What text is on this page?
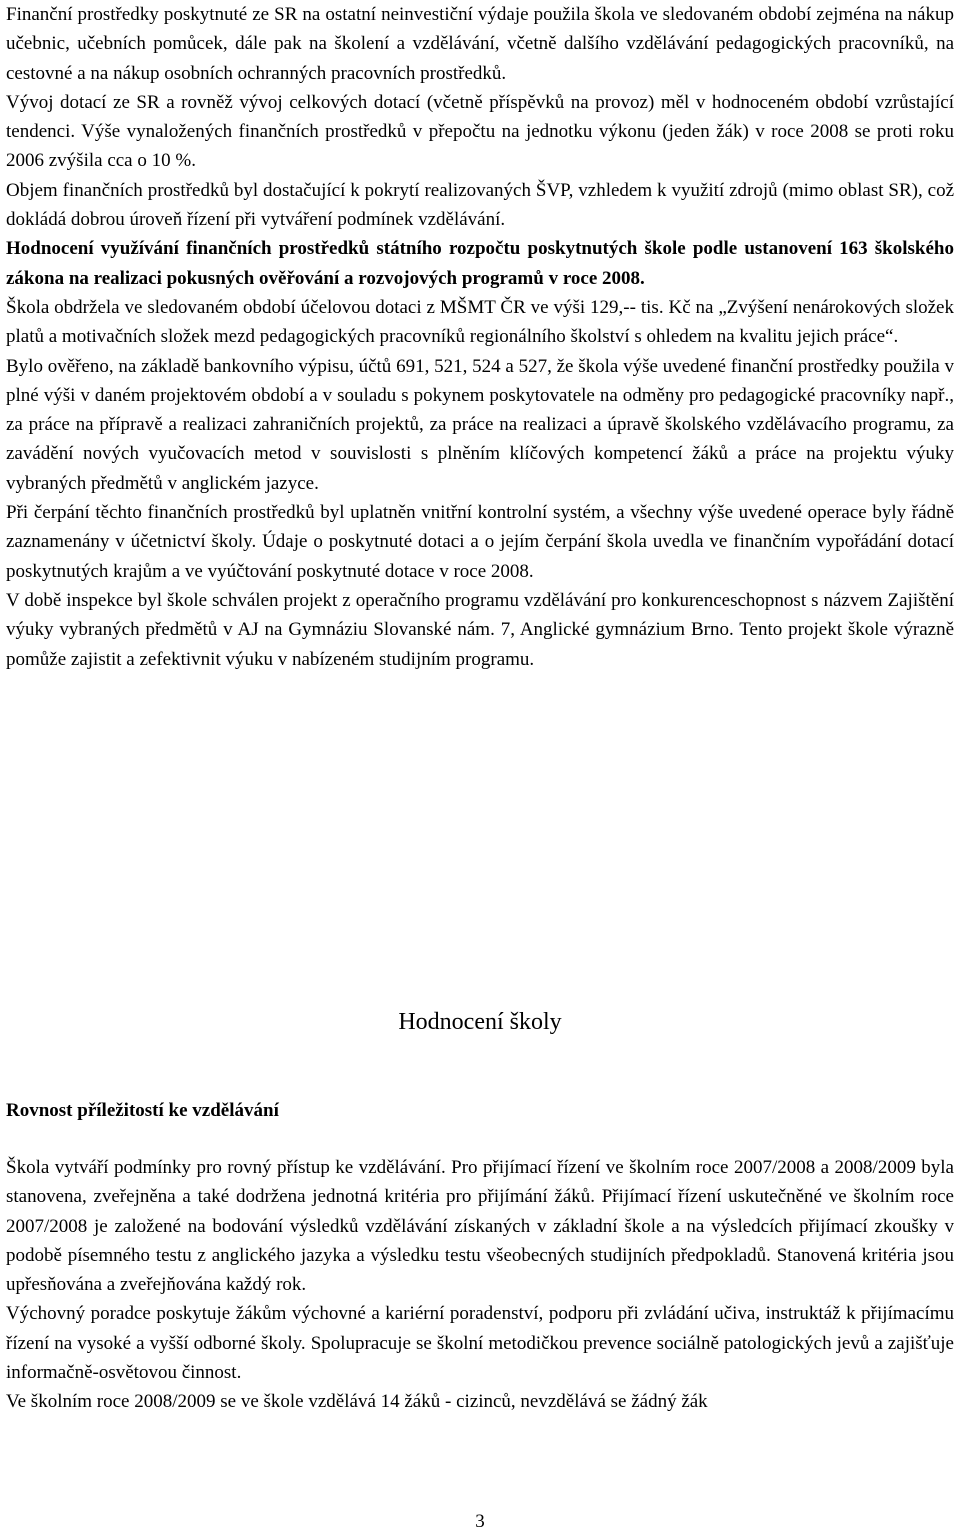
Finanční prostředky poskytnuté ze SR na ostatní neinvestiční výdaje použila škola ve sledovaném období zejména na nákup učebnic, učebních pomůcek, dále pak na školení a vzdělávání, včetně dalšího vzdělávání pedagogických pracovníků, na cestovné a na nákup osobních ochranných pracovních prostředků.

Vývoj dotací ze SR a rovněž vývoj celkových dotací (včetně příspěvků na provoz) měl v hodnoceném období vzrůstající tendenci. Výše vynaložených finančních prostředků v přepočtu na jednotku výkonu (jeden žák) v roce 2008 se proti roku 2006 zvýšila cca o 10 %.

Objem finančních prostředků byl dostačující k pokrytí realizovaných ŠVP, vzhledem k využití zdrojů (mimo oblast SR), což dokládá dobrou úroveň řízení při vytváření podmínek vzdělávání.

Hodnocení využívání finančních prostředků státního rozpočtu poskytnutých škole podle ustanovení 163 školského zákona na realizaci pokusných ověřování a rozvojových programů v roce 2008.

Škola obdržela ve sledovaném období účelovou dotaci z MŠMT ČR ve výši 129,-- tis. Kč na „Zvýšení nenárokových složek platů a motivačních složek mezd pedagogických pracovníků regionálního školství s ohledem na kvalitu jejich práce“.

Bylo ověřeno, na základě bankovního výpisu, účtů 691, 521, 524 a 527, že škola výše uvedené finanční prostředky použila v plné výši v daném projektovém období a v souladu s pokynem poskytovatele na odměny pro pedagogické pracovníky např., za práce na přípravě a realizaci zahraničních projektů, za práce na realizaci a úpravě školského vzdělávacího programu, za zavádění nových vyučovacích metod v souvislosti s plněním klíčových kompetencí žáků a práce na projektu výuky vybraných předmětů v anglickém jazyce.

Při čerpání těchto finančních prostředků byl uplatněn vnitřní kontrolní systém, a všechny výše uvedené operace byly řádně zaznamenány v účetnictví školy. Údaje o poskytnuté dotaci a o jejím čerpání škola uvedla ve finančním vypořádání dotací poskytnutých krajům a ve vyúčtování poskytnuté dotace v roce 2008.

V době inspekce byl škole schválen projekt z operačního programu vzdělávání pro konkurenceschopnost s názvem Zajištění výuky vybraných předmětů v AJ na Gymnáziu Slovanské nám. 7, Anglické gymnázium Brno. Tento projekt škole výrazně pomůže zajistit a zefektivnit výuku v nabízeném studijním programu.

Hodnocení školy
Rovnost příležitostí ke vzdělávání

Škola vytváří podmínky pro rovný přístup ke vzdělávání. Pro přijímací řízení ve školním roce 2007/2008 a 2008/2009 byla stanovena, zveřejněna a také dodržena jednotná kritéria pro přijímání žáků. Přijímací řízení uskutečněné ve školním roce 2007/2008 je založené na bodování výsledků vzdělávání získaných v základní škole a na výsledcích přijímací zkoušky v podobě písemného testu z anglického jazyka a výsledku testu všeobecných studijních předpokladů. Stanovená kritéria jsou upřesňována a zveřejňována každý rok.

Výchovný poradce poskytuje žákům výchovné a kariérní poradenství, podporu při zvládání učiva, instruktáž k přijímacímu řízení na vysoké a vyšší odborné školy. Spolupracuje se školní metodičkou prevence sociálně patologických jevů a zajišťuje informačně-osvětovou činnost.

Ve školním roce 2008/2009 se ve škole vzdělává 14 žáků - cizinců, nevzdělává se žádný žák

3
